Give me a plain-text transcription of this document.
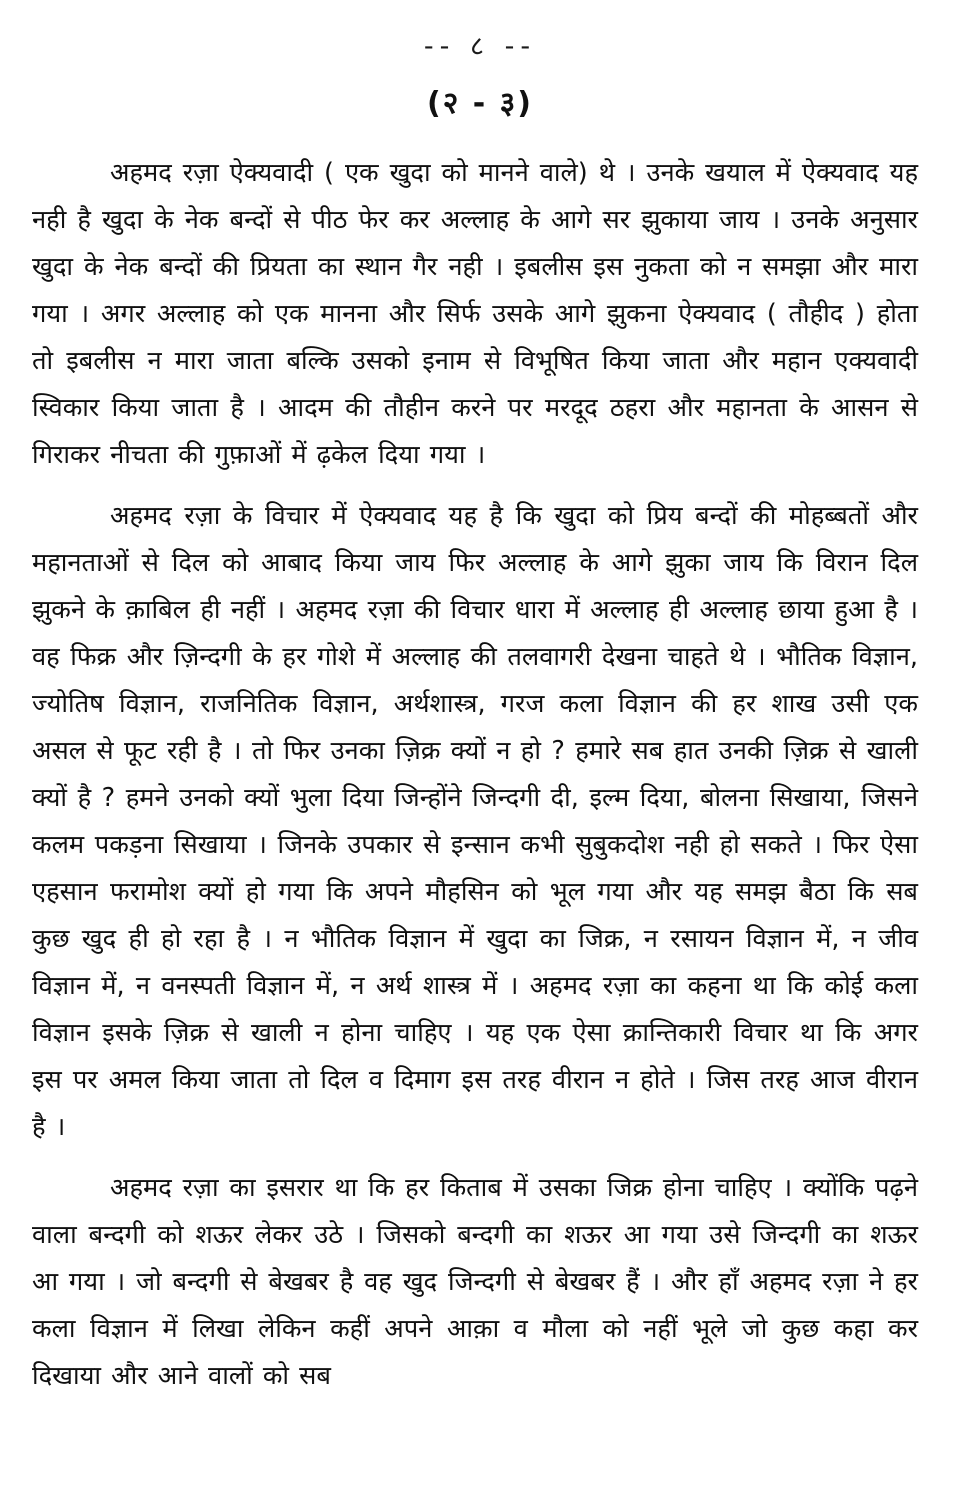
-- ८ --
(२ - ३)

अहमद रज़ा ऐक्यवादी ( एक खुदा को मानने वाले) थे । उनके खयाल में ऐक्यवाद यह नही है खुदा के नेक बन्दों से पीठ फेर कर अल्लाह के आगे सर झुकाया जाय । उनके अनुसार खुदा के नेक बन्दों की प्रियता का स्थान गैर नही । इबलीस इस नुकता को न समझा और मारा गया । अगर अल्लाह को एक मानना और सिर्फ उसके आगे झुकना ऐक्यवाद ( तौहीद ) होता तो इबलीस न मारा जाता बल्कि उसको इनाम से विभूषित किया जाता और महान एक्यवादी स्विकार किया जाता है । आदम की तौहीन करने पर मरदूद ठहरा और महानता के आसन से गिराकर नीचता की गुफ़ाओं में ढ़केल दिया गया ।

अहमद रज़ा के विचार में ऐक्यवाद यह है कि खुदा को प्रिय बन्दों की मोहब्बतों और महानताओं से दिल को आबाद किया जाय फिर अल्लाह के आगे झुका जाय कि विरान दिल झुकने के क़ाबिल ही नहीं । अहमद रज़ा की विचार धारा में अल्लाह ही अल्लाह छाया हुआ है । वह फिक्र और ज़िन्दगी के हर गोशे में अल्लाह की तलवागरी देखना चाहते थे । भौतिक विज्ञान, ज्योतिष विज्ञान, राजनितिक विज्ञान, अर्थशास्त्र, गरज कला विज्ञान की हर शाख उसी एक असल से फूट रही है । तो फिर उनका ज़िक्र क्यों न हो ? हमारे सब हात उनकी ज़िक्र से खाली क्यों है ? हमने उनको क्यों भुला दिया जिन्होंने जिन्दगी दी, इल्म दिया, बोलना सिखाया, जिसने कलम पकड़ना सिखाया । जिनके उपकार से इन्सान कभी सुबुकदोश नही हो सकते । फिर ऐसा एहसान फरामोश क्यों हो गया कि अपने मौहसिन को भूल गया और यह समझ बैठा कि सब कुछ खुद ही हो रहा है । न भौतिक विज्ञान में खुदा का जिक्र, न रसायन विज्ञान में, न जीव विज्ञान में, न वनस्पती विज्ञान में, न अर्थ शास्त्र में । अहमद रज़ा का कहना था कि कोई कला विज्ञान इसके ज़िक्र से खाली न होना चाहिए । यह एक ऐसा क्रान्तिकारी विचार था कि अगर इस पर अमल किया जाता तो दिल व दिमाग इस तरह वीरान न होते । जिस तरह आज वीरान है ।

अहमद रज़ा का इसरार था कि हर किताब में उसका जिक्र होना चाहिए । क्योंकि पढ़ने वाला बन्दगी को शऊर लेकर उठे । जिसको बन्दगी का शऊर आ गया उसे जिन्दगी का शऊर आ गया । जो बन्दगी से बेखबर है वह खुद जिन्दगी से बेखबर हैं । और हाँ अहमद रज़ा ने हर कला विज्ञान में लिखा लेकिन कहीं अपने आक़ा व मौला को नहीं भूले जो कुछ कहा कर दिखाया और आने वालों को सब
